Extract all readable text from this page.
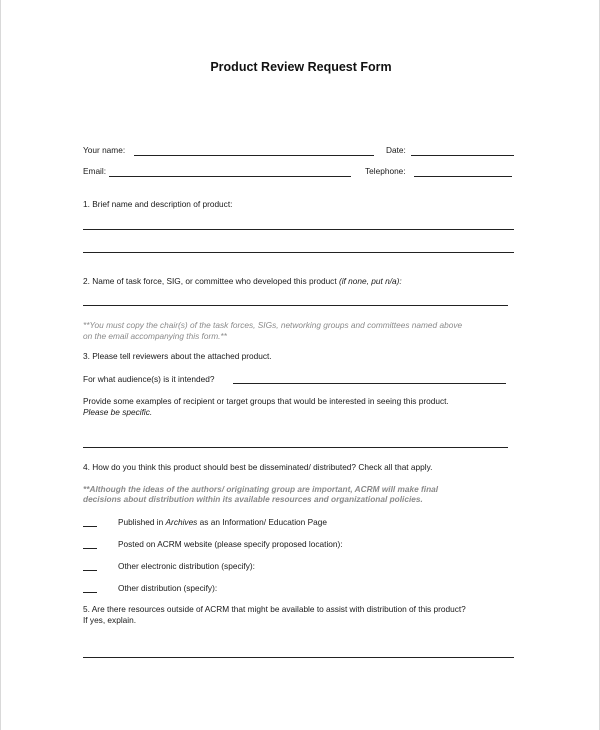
Product Review Request Form
Your name:	Date:
Email:	Telephone:
1. Brief name and description of product:
2. Name of task force, SIG, or committee who developed this product (if none, put n/a):
**You must copy the chair(s) of the task forces, SIGs, networking groups and committees named above
on the email accompanying this form.**
3. Please tell reviewers about the attached product.
For what audience(s) is it intended?
Provide some examples of recipient or target groups that would be interested in seeing this product.
Please be specific.
4. How do you think this product should best be disseminated/ distributed? Check all that apply.
**Although the ideas of the authors/ originating group are important, ACRM will make final
decisions about distribution within its available resources and organizational policies.
Published in Archives as an Information/ Education Page
Posted on ACRM website (please specify proposed location):
Other electronic distribution (specify):
Other distribution (specify):
5. Are there resources outside of ACRM that might be available to assist with distribution of this product?
If yes, explain.
